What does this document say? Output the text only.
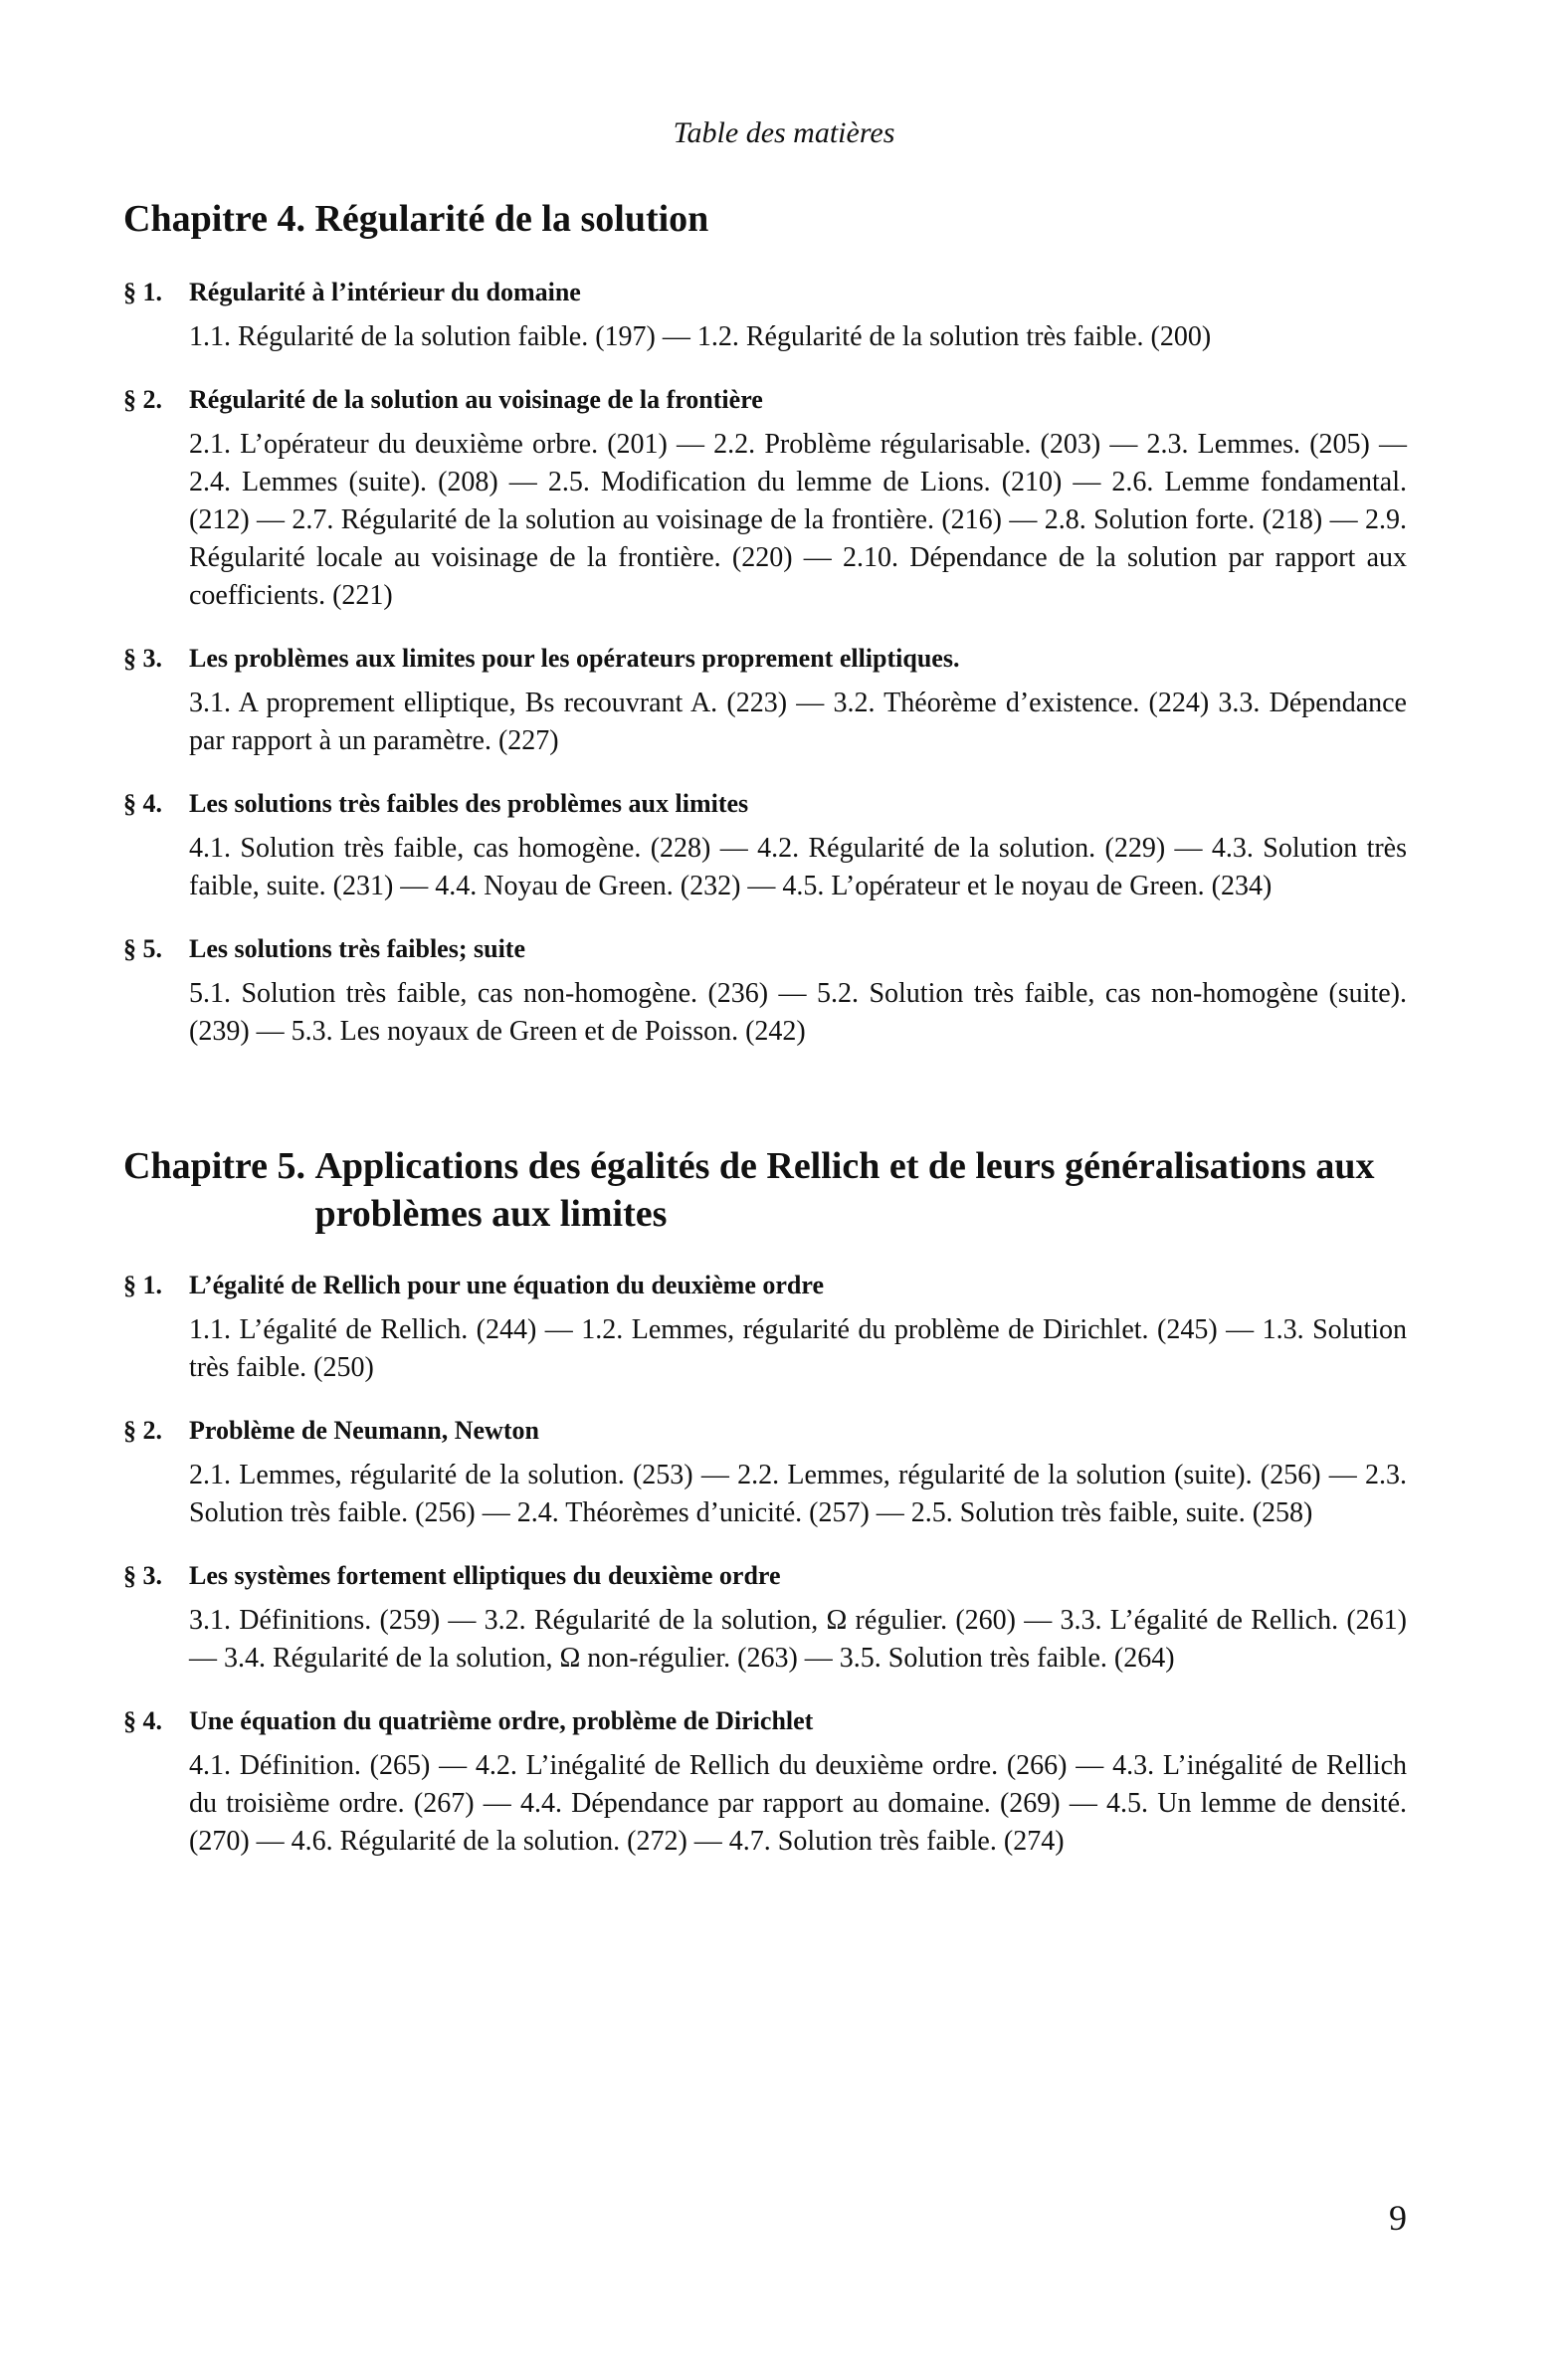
Table des matières

Chapitre 4. Régularité de la solution
§ 1.	Régularité à l’intérieur du domaine
1.1. Régularité de la solution faible. (197) — 1.2. Régularité de la solution très faible. (200)
§ 2.	Régularité de la solution au voisinage de la frontière
2.1. L’opérateur du deuxième orbre. (201) — 2.2. Problème régularisable. (203) — 2.3. Lemmes. (205) — 2.4. Lemmes (suite). (208) — 2.5. Modification du lemme de Lions. (210) — 2.6. Lemme fondamental. (212) — 2.7. Régularité de la solution au voisinage de la frontière. (216) — 2.8. Solution forte. (218) — 2.9. Régularité locale au voisinage de la frontière. (220) — 2.10. Dépendance de la solution par rapport aux coefficients. (221)
§ 3.	Les problèmes aux limites pour les opérateurs proprement elliptiques.
3.1. A proprement elliptique, Bs recouvrant A. (223) — 3.2. Théorème d’existence. (224) 3.3. Dépendance par rapport à un paramètre. (227)
§ 4.	Les solutions très faibles des problèmes aux limites
4.1. Solution très faible, cas homogène. (228) — 4.2. Régularité de la solution. (229) — 4.3. Solution très faible, suite. (231) — 4.4. Noyau de Green. (232) — 4.5. L’opérateur et le noyau de Green. (234)
§ 5.	Les solutions très faibles; suite
5.1. Solution très faible, cas non-homogène. (236) — 5.2. Solution très faible, cas non-homogène (suite). (239) — 5.3. Les noyaux de Green et de Poisson. (242)
Chapitre 5. Applications des égalités de Rellich et de leurs généralisations aux problèmes aux limites
§ 1.	L’égalité de Rellich pour une équation du deuxième ordre
1.1. L’égalité de Rellich. (244) — 1.2. Lemmes, régularité du problème de Dirichlet. (245) — 1.3. Solution très faible. (250)
§ 2.	Problème de Neumann, Newton
2.1. Lemmes, régularité de la solution. (253) — 2.2. Lemmes, régularité de la solution (suite). (256) — 2.3. Solution très faible. (256) — 2.4. Théorèmes d’unicité. (257) — 2.5. Solution très faible, suite. (258)
§ 3.	Les systèmes fortement elliptiques du deuxième ordre
3.1. Définitions. (259) — 3.2. Régularité de la solution, Ω régulier. (260) — 3.3. L’égalité de Rellich. (261) — 3.4. Régularité de la solution, Ω non-régulier. (263) — 3.5. Solution très faible. (264)
§ 4.	Une équation du quatrième ordre, problème de Dirichlet
4.1. Définition. (265) — 4.2. L’inégalité de Rellich du deuxième ordre. (266) — 4.3. L’inégalité de Rellich du troisième ordre. (267) — 4.4. Dépendance par rapport au domaine. (269) — 4.5. Un lemme de densité. (270) — 4.6. Régularité de la solution. (272) — 4.7. Solution très faible. (274)

9
